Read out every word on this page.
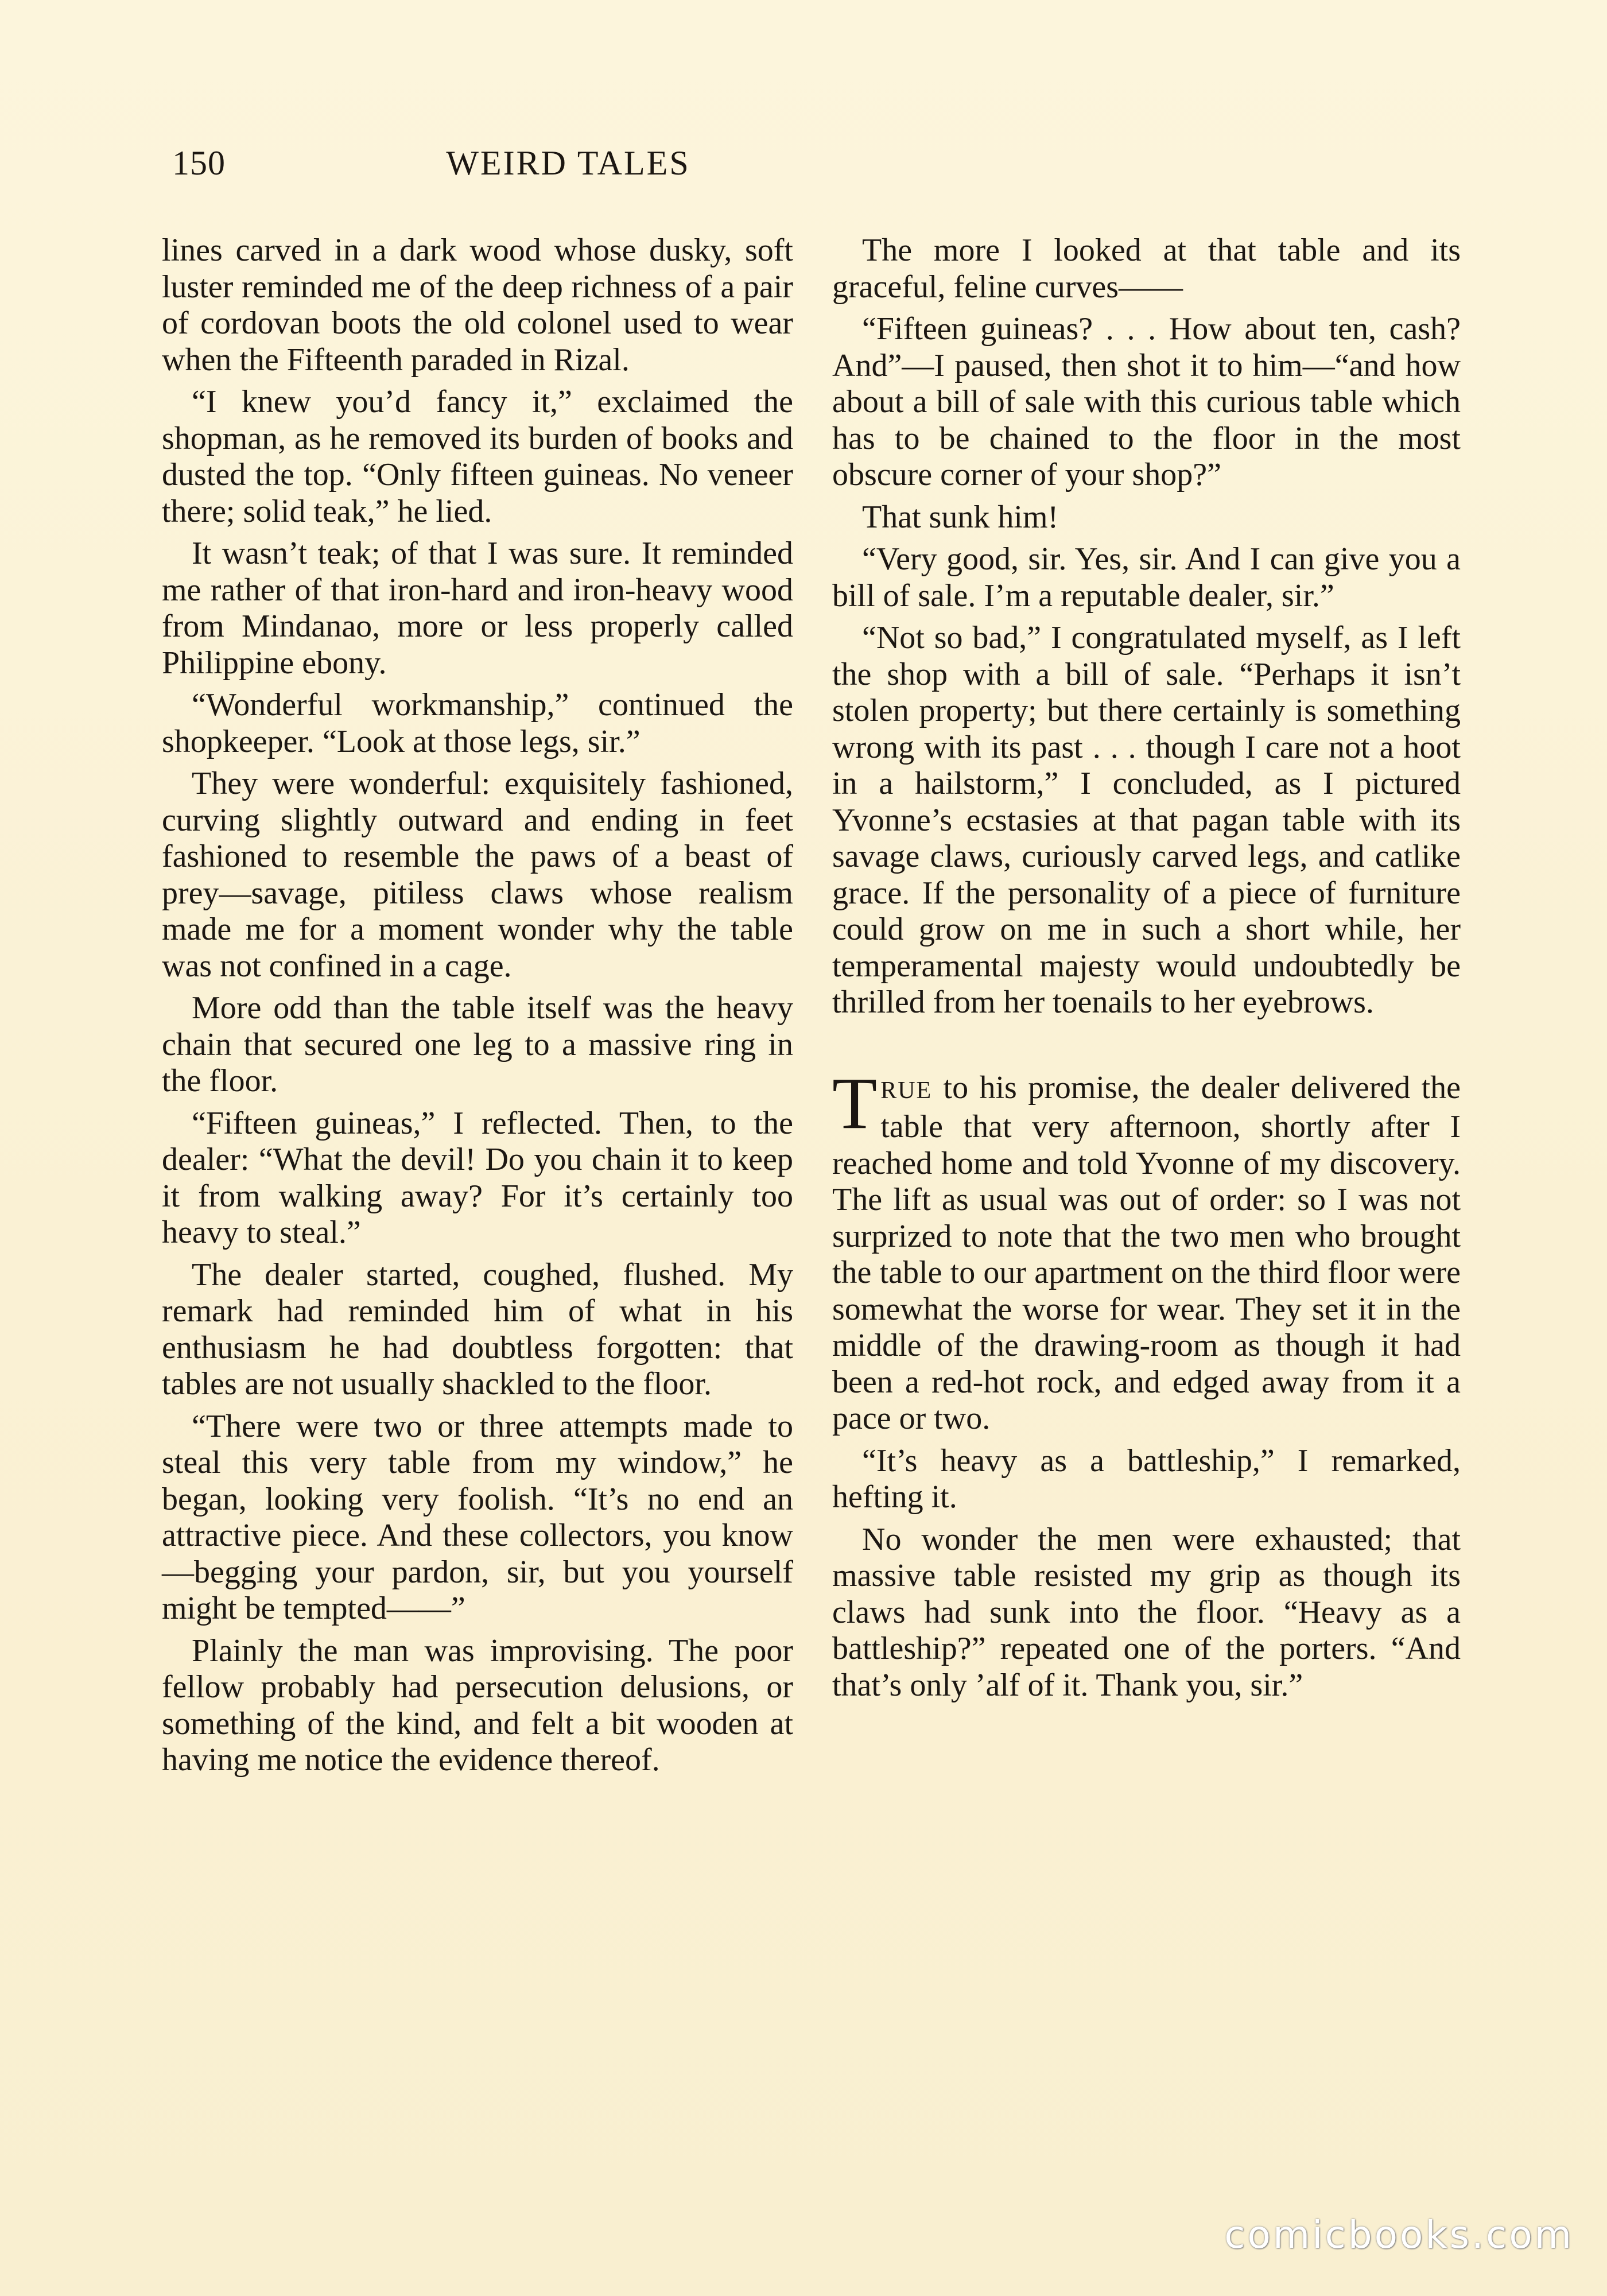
150	WEIRD TALES

lines carved in a dark wood whose dusky, soft luster reminded me of the deep richness of a pair of cordovan boots the old colonel used to wear when the Fifteenth paraded in Rizal.

“I knew you’d fancy it,” exclaimed the shopman, as he removed its burden of books and dusted the top. “Only fifteen guineas. No veneer there; solid teak,” he lied.

It wasn’t teak; of that I was sure. It reminded me rather of that iron-hard and iron-heavy wood from Mindanao, more or less properly called Philippine ebony.

“Wonderful workmanship,” continued the shopkeeper. “Look at those legs, sir.”

They were wonderful: exquisitely fashioned, curving slightly outward and ending in feet fashioned to resemble the paws of a beast of prey—savage, pitiless claws whose realism made me for a moment wonder why the table was not confined in a cage.

More odd than the table itself was the heavy chain that secured one leg to a massive ring in the floor.

“Fifteen guineas,” I reflected. Then, to the dealer: “What the devil! Do you chain it to keep it from walking away? For it’s certainly too heavy to steal.”

The dealer started, coughed, flushed. My remark had reminded him of what in his enthusiasm he had doubtless forgotten: that tables are not usually shackled to the floor.

“There were two or three attempts made to steal this very table from my window,” he began, looking very foolish. “It’s no end an attractive piece. And these collectors, you know —begging your pardon, sir, but you yourself might be tempted——”

Plainly the man was improvising. The poor fellow probably had persecution delusions, or something of the kind, and felt a bit wooden at having me notice the evidence thereof.

The more I looked at that table and its graceful, feline curves——

“Fifteen guineas? . . . How about ten, cash? And”—I paused, then shot it to him—“and how about a bill of sale with this curious table which has to be chained to the floor in the most obscure corner of your shop?”

That sunk him!

“Very good, sir. Yes, sir. And I can give you a bill of sale. I’m a reputable dealer, sir.”

“Not so bad,” I congratulated myself, as I left the shop with a bill of sale. “Perhaps it isn’t stolen property; but there certainly is something wrong with its past . . . though I care not a hoot in a hailstorm,” I concluded, as I pictured Yvonne’s ecstasies at that pagan table with its savage claws, curiously carved legs, and catlike grace. If the personality of a piece of furniture could grow on me in such a short while, her temperamental majesty would undoubtedly be thrilled from her toenails to her eyebrows.

TRUE to his promise, the dealer delivered the table that very afternoon, shortly after I reached home and told Yvonne of my discovery. The lift as usual was out of order: so I was not surprized to note that the two men who brought the table to our apartment on the third floor were somewhat the worse for wear. They set it in the middle of the drawing-room as though it had been a red-hot rock, and edged away from it a pace or two.

“It’s heavy as a battleship,” I remarked, hefting it.

No wonder the men were exhausted; that massive table resisted my grip as though its claws had sunk into the floor. “Heavy as a battleship?” repeated one of the porters. “And that’s only ’alf of it. Thank you, sir.”

comicbooks.com
